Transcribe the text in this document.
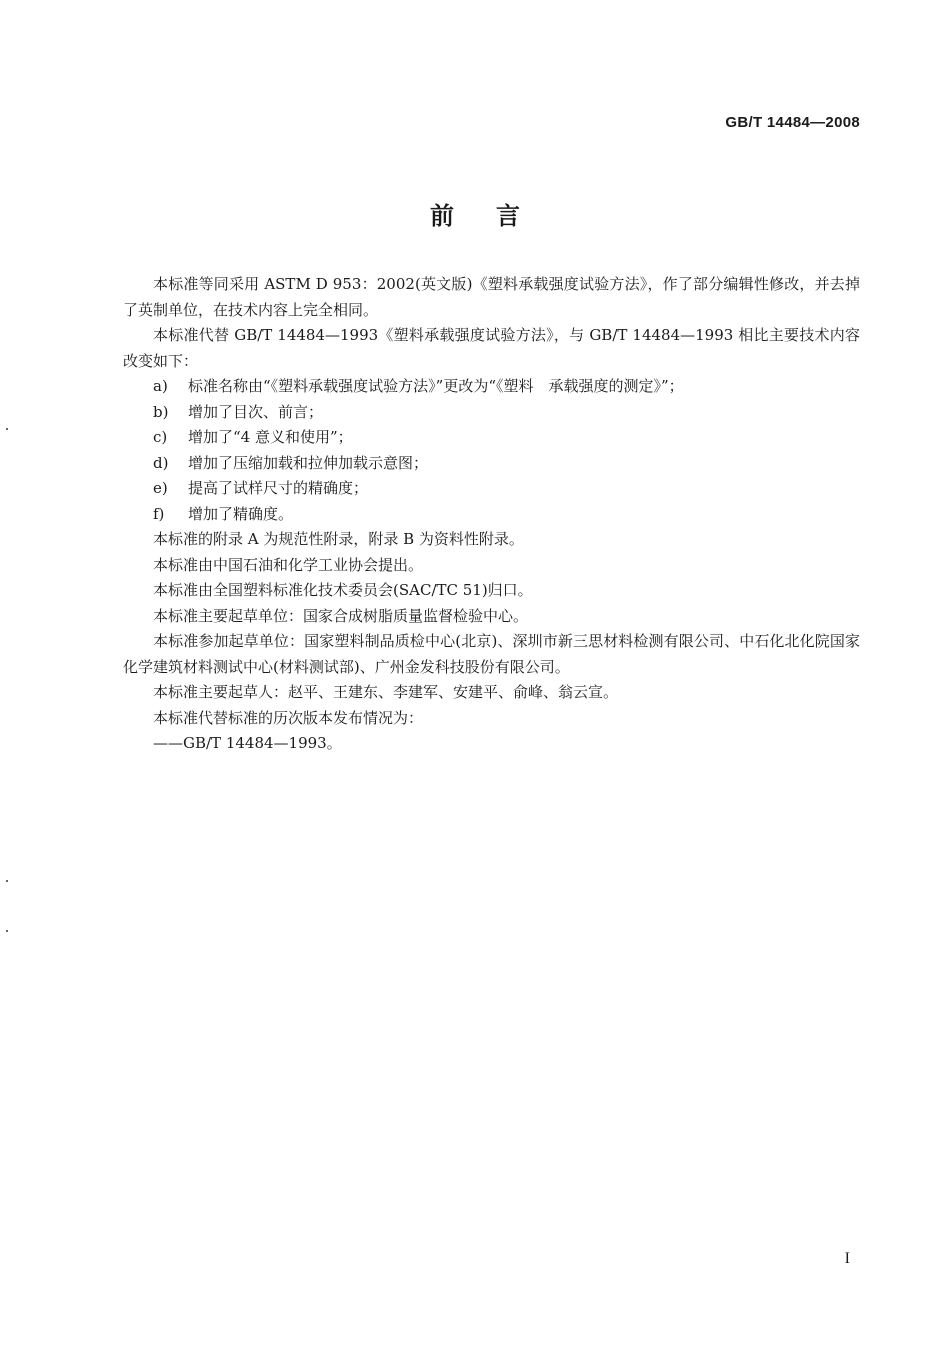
GB/T 14484—2008
前言

本标准等同采用 ASTM D 953：2002(英文版)《塑料承载强度试验方法》，作了部分编辑性修改，并去掉了英制单位，在技术内容上完全相同。

本标准代替 GB/T 14484—1993《塑料承载强度试验方法》，与 GB/T 14484—1993 相比主要技术内容改变如下：

a)	标准名称由“《塑料承载强度试验方法》”更改为“《塑料　承载强度的测定》”；
b)	增加了目次、前言；
c)	增加了“4 意义和使用”；
d)	增加了压缩加载和拉伸加载示意图；
e)	提高了试样尺寸的精确度；
f)	增加了精确度。

本标准的附录 A 为规范性附录，附录 B 为资料性附录。

本标准由中国石油和化学工业协会提出。

本标准由全国塑料标准化技术委员会(SAC/TC 51)归口。

本标准主要起草单位：国家合成树脂质量监督检验中心。

本标准参加起草单位：国家塑料制品质检中心(北京)、深圳市新三思材料检测有限公司、中石化北化院国家化学建筑材料测试中心(材料测试部)、广州金发科技股份有限公司。

本标准主要起草人：赵平、王建东、李建军、安建平、俞峰、翁云宣。

本标准代替标准的历次版本发布情况为：

——GB/T 14484—1993。

I
